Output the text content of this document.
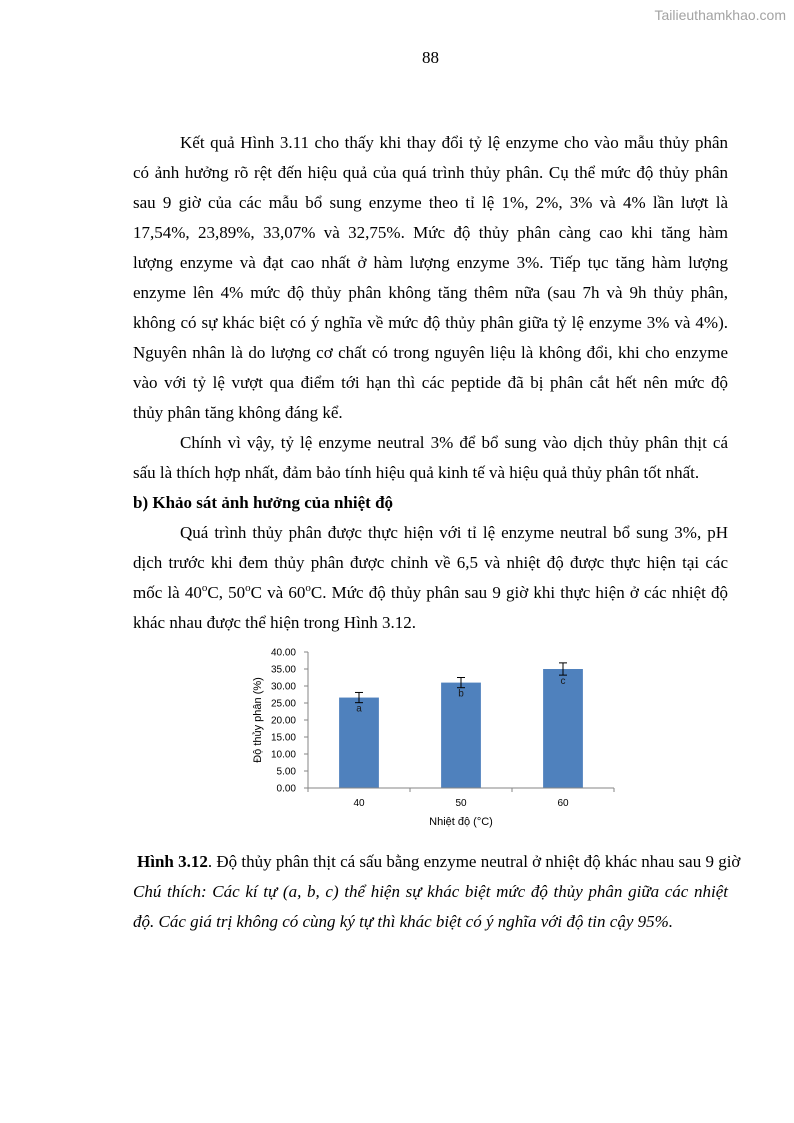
Tailieuthamkhao.com
88
Kết quả Hình 3.11 cho thấy khi thay đổi tỷ lệ enzyme cho vào mẫu thủy phân
có ảnh hưởng rõ rệt đến hiệu quả của quá trình thủy phân. Cụ thể mức độ thủy phân
sau 9 giờ của các mẫu bổ sung enzyme theo tỉ lệ 1%, 2%, 3% và 4% lần lượt là
17,54%, 23,89%, 33,07% và 32,75%. Mức độ thủy phân càng cao khi tăng hàm
lượng enzyme và đạt cao nhất ở hàm lượng enzyme 3%. Tiếp tục tăng hàm lượng
enzyme lên 4% mức độ thủy phân không tăng thêm nữa (sau 7h và 9h thủy phân,
không có sự khác biệt có ý nghĩa về mức độ thủy phân giữa tỷ lệ enzyme 3% và 4%).
Nguyên nhân là do lượng cơ chất có trong nguyên liệu là không đổi, khi cho enzyme
vào với tỷ lệ vượt qua điểm tới hạn thì các peptide đã bị phân cắt hết nên mức độ
thủy phân tăng không đáng kể.
Chính vì vậy, tỷ lệ enzyme neutral 3% để bổ sung vào dịch thủy phân thịt cá
sấu là thích hợp nhất, đảm bảo tính hiệu quả kinh tế và hiệu quả thủy phân tốt nhất.
b) Khảo sát ảnh hưởng của nhiệt độ
Quá trình thủy phân được thực hiện với tỉ lệ enzyme neutral bổ sung 3%, pH
dịch trước khi đem thủy phân được chỉnh về 6,5 và nhiệt độ được thực hiện tại các
mốc là 40$^o$C, 50$^o$C và 60$^o$C. Mức độ thủy phân sau 9 giờ khi thực hiện ở các nhiệt độ
khác nhau được thể hiện trong Hình 3.12.
Độ thủy phân (%)
Nhiệt độ (°C)
a
40
b
50
c
60
0.00
5.00
10.00
15.00
20.00
25.00
30.00
35.00
40.00
Hình 3.12. Độ thủy phân thịt cá sấu bằng enzyme neutral ở nhiệt độ khác nhau sau 9 giờ
Chú thích: Các kí tự (a, b, c) thể hiện sự khác biệt mức độ thủy phân giữa các nhiệt
độ. Các giá trị không có cùng ký tự thì khác biệt có ý nghĩa với độ tin cậy 95%.
